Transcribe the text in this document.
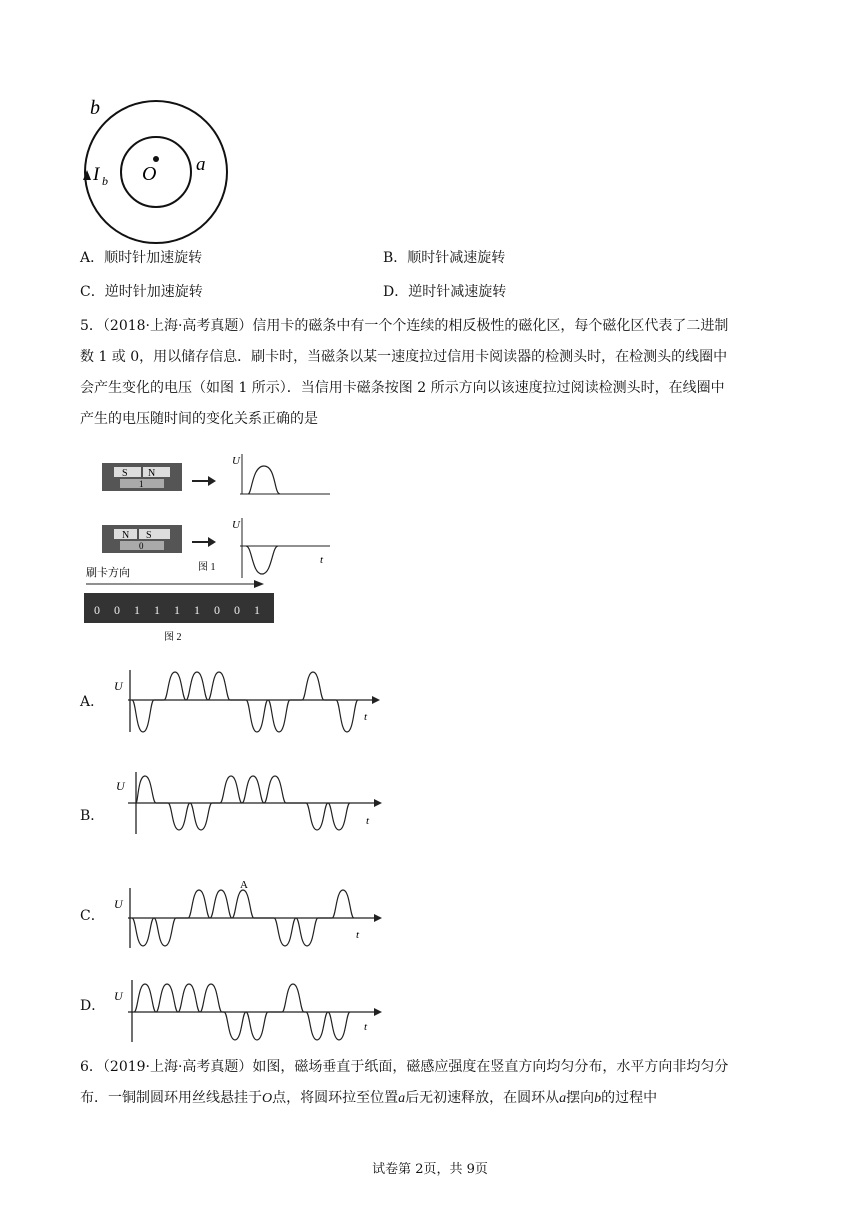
b
a
O
I b
A．顺时针加速旋转	B．顺时针减速旋转
C．逆时针加速旋转	D．逆时针减速旋转
5．（2018·上海·高考真题）信用卡的磁条中有一个个连续的相反极性的磁化区，每个磁化区代表了二进制
数 1 或 0，用以储存信息．刷卡时，当磁条以某一速度拉过信用卡阅读器的检测头时，在检测头的线圈中
会产生变化的电压（如图 1 所示）．当信用卡磁条按图 2 所示方向以该速度拉过阅读检测头时，在线圈中
产生的电压随时间的变化关系正确的是
S N
1
U
N S
0
U
t
图 1
刷卡方向
0 0 1 1 1 1 0 0 1
图 2
A．
U
t
B．
U
t
C．
U
t
A
D．
U
t
6．（2019·上海·高考真题）如图，磁场垂直于纸面，磁感应强度在竖直方向均匀分布，水平方向非均匀分
布．一铜制圆环用丝线悬挂于O点，将圆环拉至位置a后无初速释放，在圆环从a摆向b的过程中
试卷第 2页，共 9页
